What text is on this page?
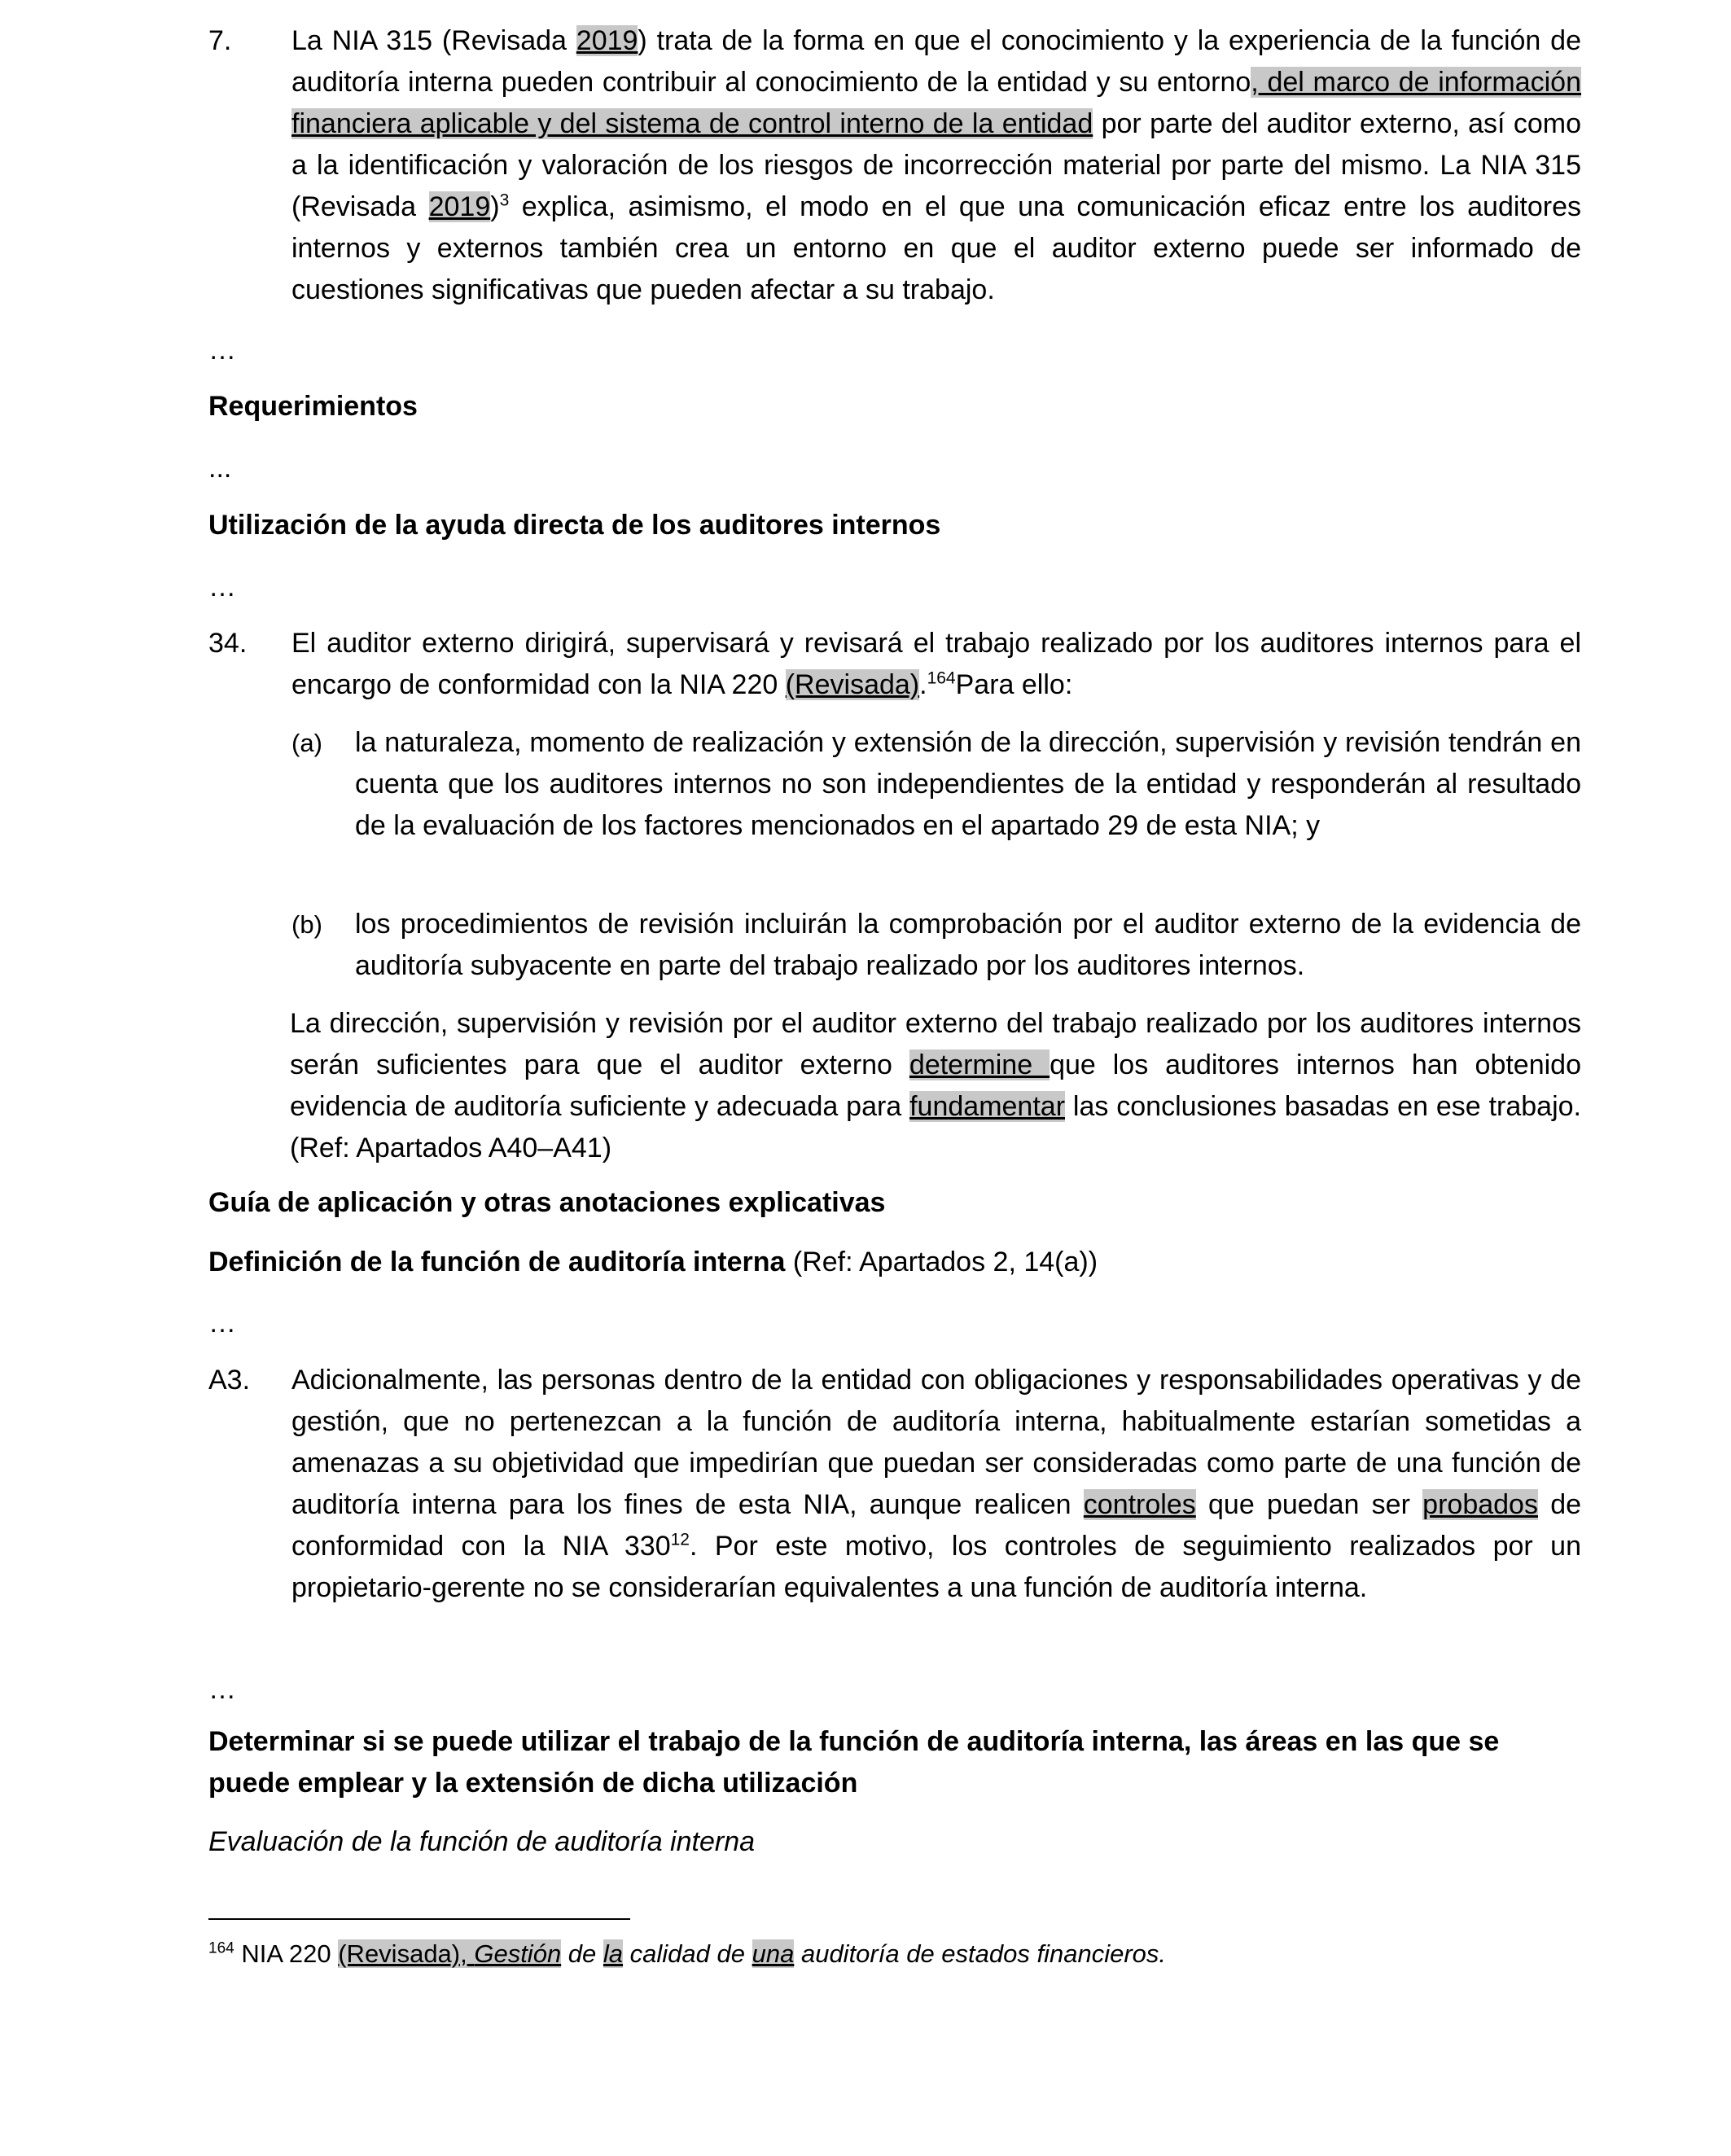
7. La NIA 315 (Revisada 2019) trata de la forma en que el conocimiento y la experiencia de la función de auditoría interna pueden contribuir al conocimiento de la entidad y su entorno, del marco de información financiera aplicable y del sistema de control interno de la entidad por parte del auditor externo, así como a la identificación y valoración de los riesgos de incorrección material por parte del mismo. La NIA 315 (Revisada 2019)$^3$ explica, asimismo, el modo en el que una comunicación eficaz entre los auditores internos y externos también crea un entorno en que el auditor externo puede ser informado de cuestiones significativas que pueden afectar a su trabajo.

…
Requerimientos
...
Utilización de la ayuda directa de los auditores internos
…
34. El auditor externo dirigirá, supervisará y revisará el trabajo realizado por los auditores internos para el encargo de conformidad con la NIA 220 (Revisada).$^{164}$Para ello:

(a) la naturaleza, momento de realización y extensión de la dirección, supervisión y revisión tendrán en cuenta que los auditores internos no son independientes de la entidad y responderán al resultado de la evaluación de los factores mencionados en el apartado 29 de esta NIA; y

(b) los procedimientos de revisión incluirán la comprobación por el auditor externo de la evidencia de auditoría subyacente en parte del trabajo realizado por los auditores internos.

La dirección, supervisión y revisión por el auditor externo del trabajo realizado por los auditores internos serán suficientes para que el auditor externo determine que los auditores internos han obtenido evidencia de auditoría suficiente y adecuada para fundamentar las conclusiones basadas en ese trabajo. (Ref: Apartados A40–A41)

Guía de aplicación y otras anotaciones explicativas
Definición de la función de auditoría interna (Ref: Apartados 2, 14(a))
…
A3. Adicionalmente, las personas dentro de la entidad con obligaciones y responsabilidades operativas y de gestión, que no pertenezcan a la función de auditoría interna, habitualmente estarían sometidas a amenazas a su objetividad que impedirían que puedan ser consideradas como parte de una función de auditoría interna para los fines de esta NIA, aunque realicen controles que puedan ser probados de conformidad con la NIA $330^{12}$. Por este motivo, los controles de seguimiento realizados por un propietario-gerente no se considerarían equivalentes a una función de auditoría interna.

…
Determinar si se puede utilizar el trabajo de la función de auditoría interna, las áreas en las que se puede emplear y la extensión de dicha utilización
Evaluación de la función de auditoría interna
$^{164}$ NIA 220 (Revisada), Gestión de la calidad de una auditoría de estados financieros.
